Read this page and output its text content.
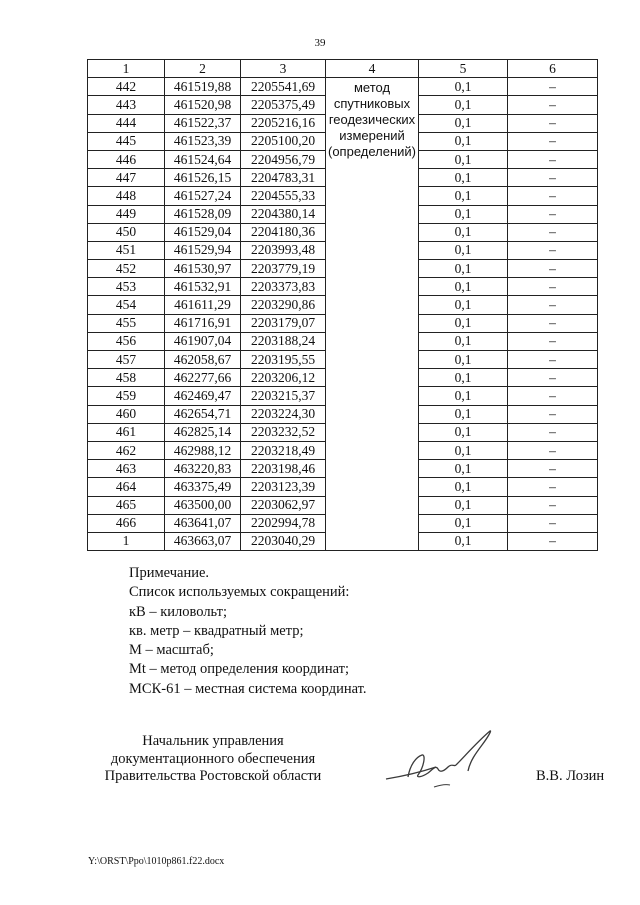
39
1	2	3	4	5	6
442	461519,88	2205541,69	метод спутниковых геодезических измерений (определений)	0,1	–
443	461520,98	2205375,49		0,1	–
444	461522,37	2205216,16		0,1	–
445	461523,39	2205100,20		0,1	–
446	461524,64	2204956,79		0,1	–
447	461526,15	2204783,31		0,1	–
448	461527,24	2204555,33		0,1	–
449	461528,09	2204380,14		0,1	–
450	461529,04	2204180,36		0,1	–
451	461529,94	2203993,48		0,1	–
452	461530,97	2203779,19		0,1	–
453	461532,91	2203373,83		0,1	–
454	461611,29	2203290,86		0,1	–
455	461716,91	2203179,07		0,1	–
456	461907,04	2203188,24		0,1	–
457	462058,67	2203195,55		0,1	–
458	462277,66	2203206,12		0,1	–
459	462469,47	2203215,37		0,1	–
460	462654,71	2203224,30		0,1	–
461	462825,14	2203232,52		0,1	–
462	462988,12	2203218,49		0,1	–
463	463220,83	2203198,46		0,1	–
464	463375,49	2203123,39		0,1	–
465	463500,00	2203062,97		0,1	–
466	463641,07	2202994,78		0,1	–
1	463663,07	2203040,29		0,1	–
Примечание.
Список используемых сокращений:
кВ – киловольт;
кв. метр – квадратный метр;
М – масштаб;
Mt – метод определения координат;
МСК-61 – местная система координат.
Начальник управления
документационного обеспечения
Правительства Ростовской области	В.В. Лозин
Y:\ORST\Ppo\1010p861.f22.docx
